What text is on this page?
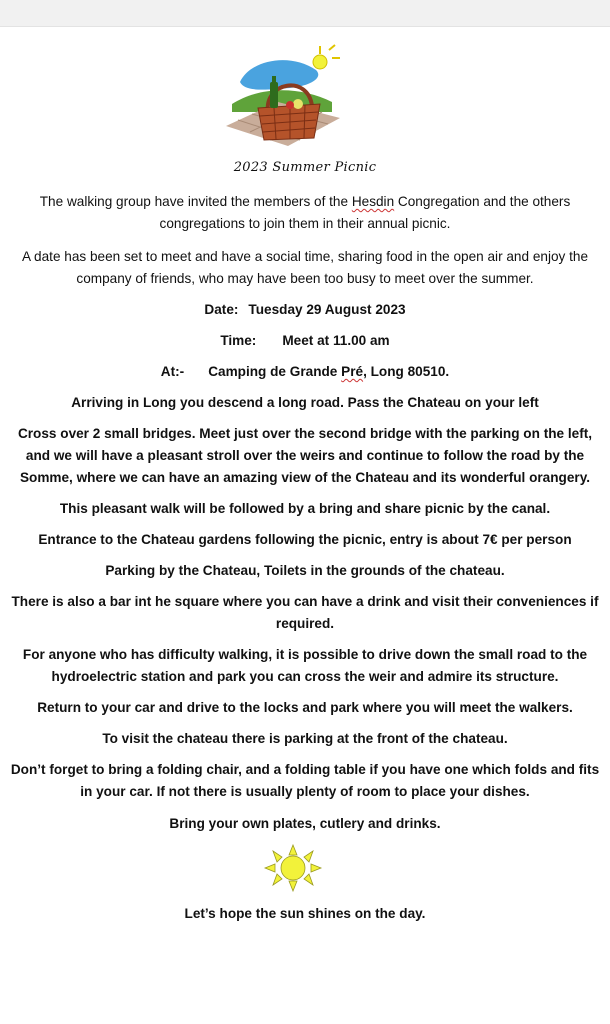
2023 Summer Picnic
The walking group have invited the members of the Hesdin Congregation and the others congregations to join them in their annual picnic.
A date has been set to meet and have a social time, sharing food in the open air and enjoy the company of friends, who may have been too busy to meet over the summer.
Date: Tuesday 29 August 2023
Time: Meet at 11.00 am
At:- Camping de Grande Pré, Long 80510.
Arriving in Long you descend a long road. Pass the Chateau on your left
Cross over 2 small bridges. Meet just over the second bridge with the parking on the left, and we will have a pleasant stroll over the weirs and continue to follow the road by the Somme, where we can have an amazing view of the Chateau and its wonderful orangery.
This pleasant walk will be followed by a bring and share picnic by the canal.
Entrance to the Chateau gardens following the picnic, entry is about 7€ per person
Parking by the Chateau, Toilets in the grounds of the chateau.
There is also a bar int he square where you can have a drink and visit their conveniences if required.
For anyone who has difficulty walking, it is possible to drive down the small road to the hydroelectric station and park you can cross the weir and admire its structure.
Return to your car and drive to the locks and park where you will meet the walkers.
To visit the chateau there is parking at the front of the chateau.
Don’t forget to bring a folding chair, and a folding table if you have one which folds and fits in your car. If not there is usually plenty of room to place your dishes.
Bring your own plates, cutlery and drinks.
Let’s hope the sun shines on the day.
